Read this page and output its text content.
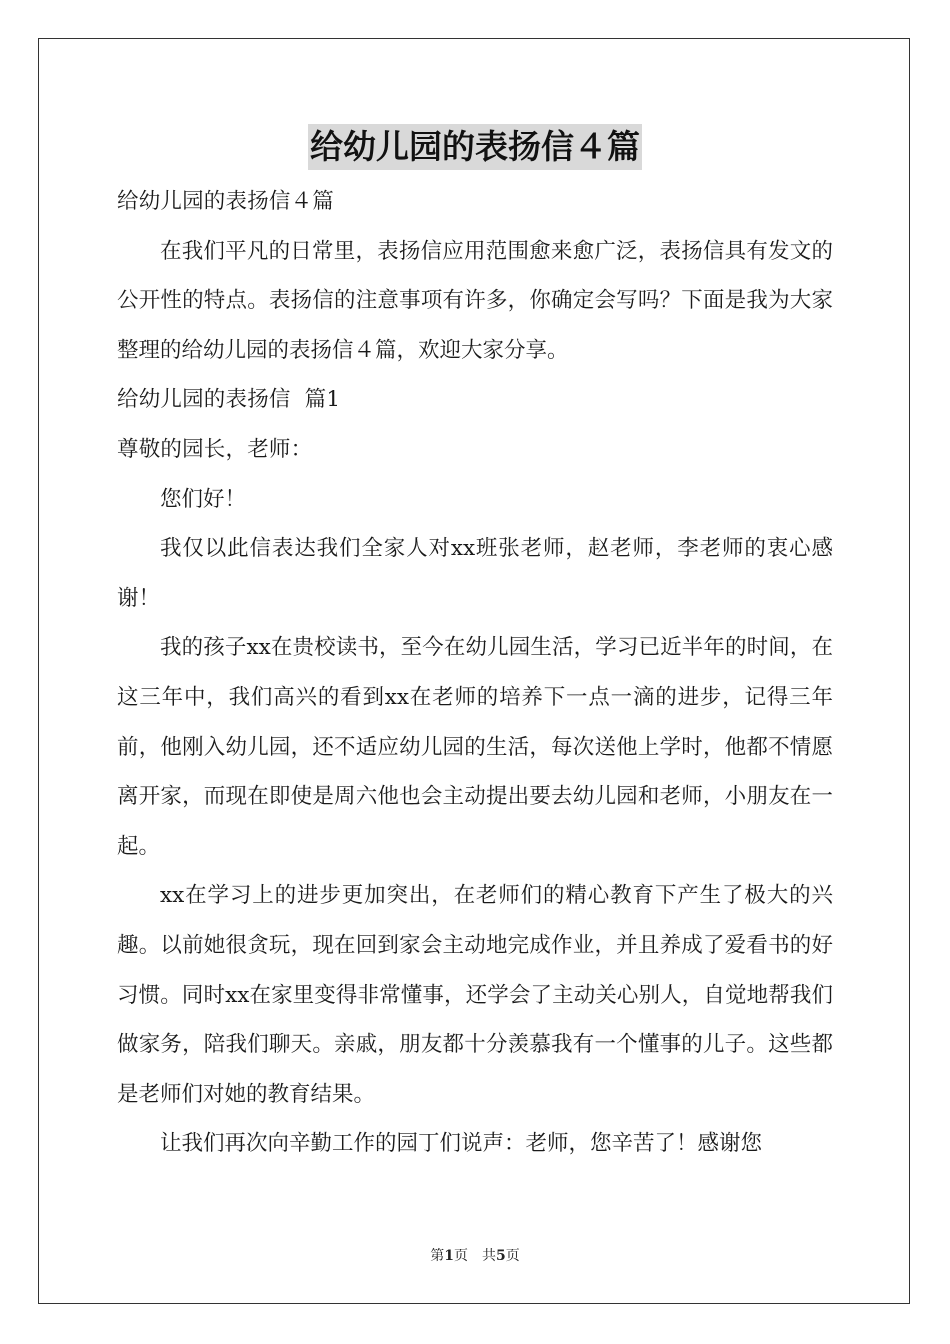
给幼儿园的表扬信４篇
给幼儿园的表扬信４篇

在我们平凡的日常里，表扬信应用范围愈来愈广泛，表扬信具有发文的公开性的特点。表扬信的注意事项有许多，你确定会写吗？下面是我为大家整理的给幼儿园的表扬信４篇，欢迎大家分享。

给幼儿园的表扬信  篇1
尊敬的园长，老师：

您们好！

我仅以此信表达我们全家人对xx班张老师，赵老师，李老师的衷心感谢！

我的孩子xx在贵校读书，至今在幼儿园生活，学习已近半年的时间，在这三年中，我们高兴的看到xx在老师的培养下一点一滴的进步，记得三年前，他刚入幼儿园，还不适应幼儿园的生活，每次送他上学时，他都不情愿离开家，而现在即使是周六他也会主动提出要去幼儿园和老师，小朋友在一起。

xx在学习上的进步更加突出，在老师们的精心教育下产生了极大的兴趣。以前她很贪玩，现在回到家会主动地完成作业，并且养成了爱看书的好习惯。同时xx在家里变得非常懂事，还学会了主动关心别人，自觉地帮我们做家务，陪我们聊天。亲戚，朋友都十分羡慕我有一个懂事的儿子。这些都是老师们对她的教育结果。

让我们再次向辛勤工作的园丁们说声：老师，您辛苦了！感谢您

第1页 共5页
